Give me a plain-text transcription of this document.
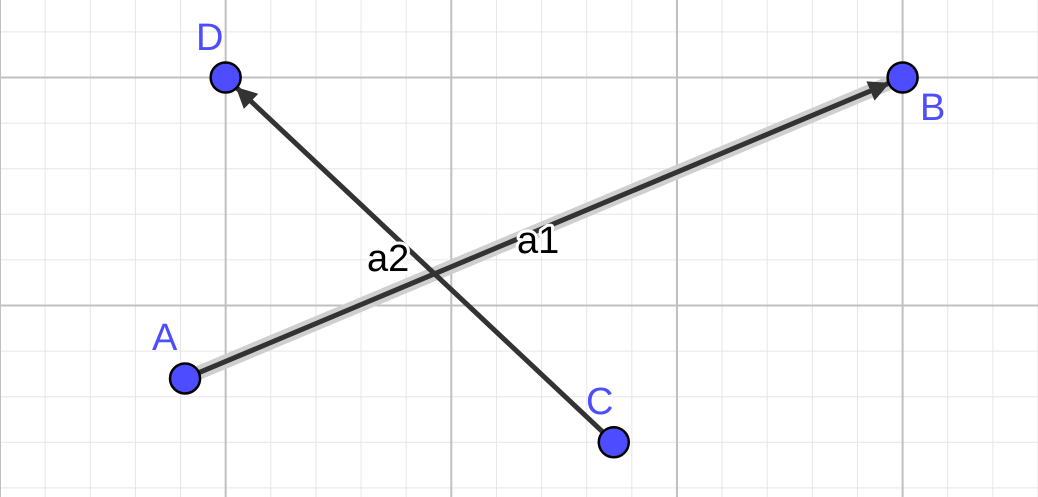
A
B
C
D
a1
a2
